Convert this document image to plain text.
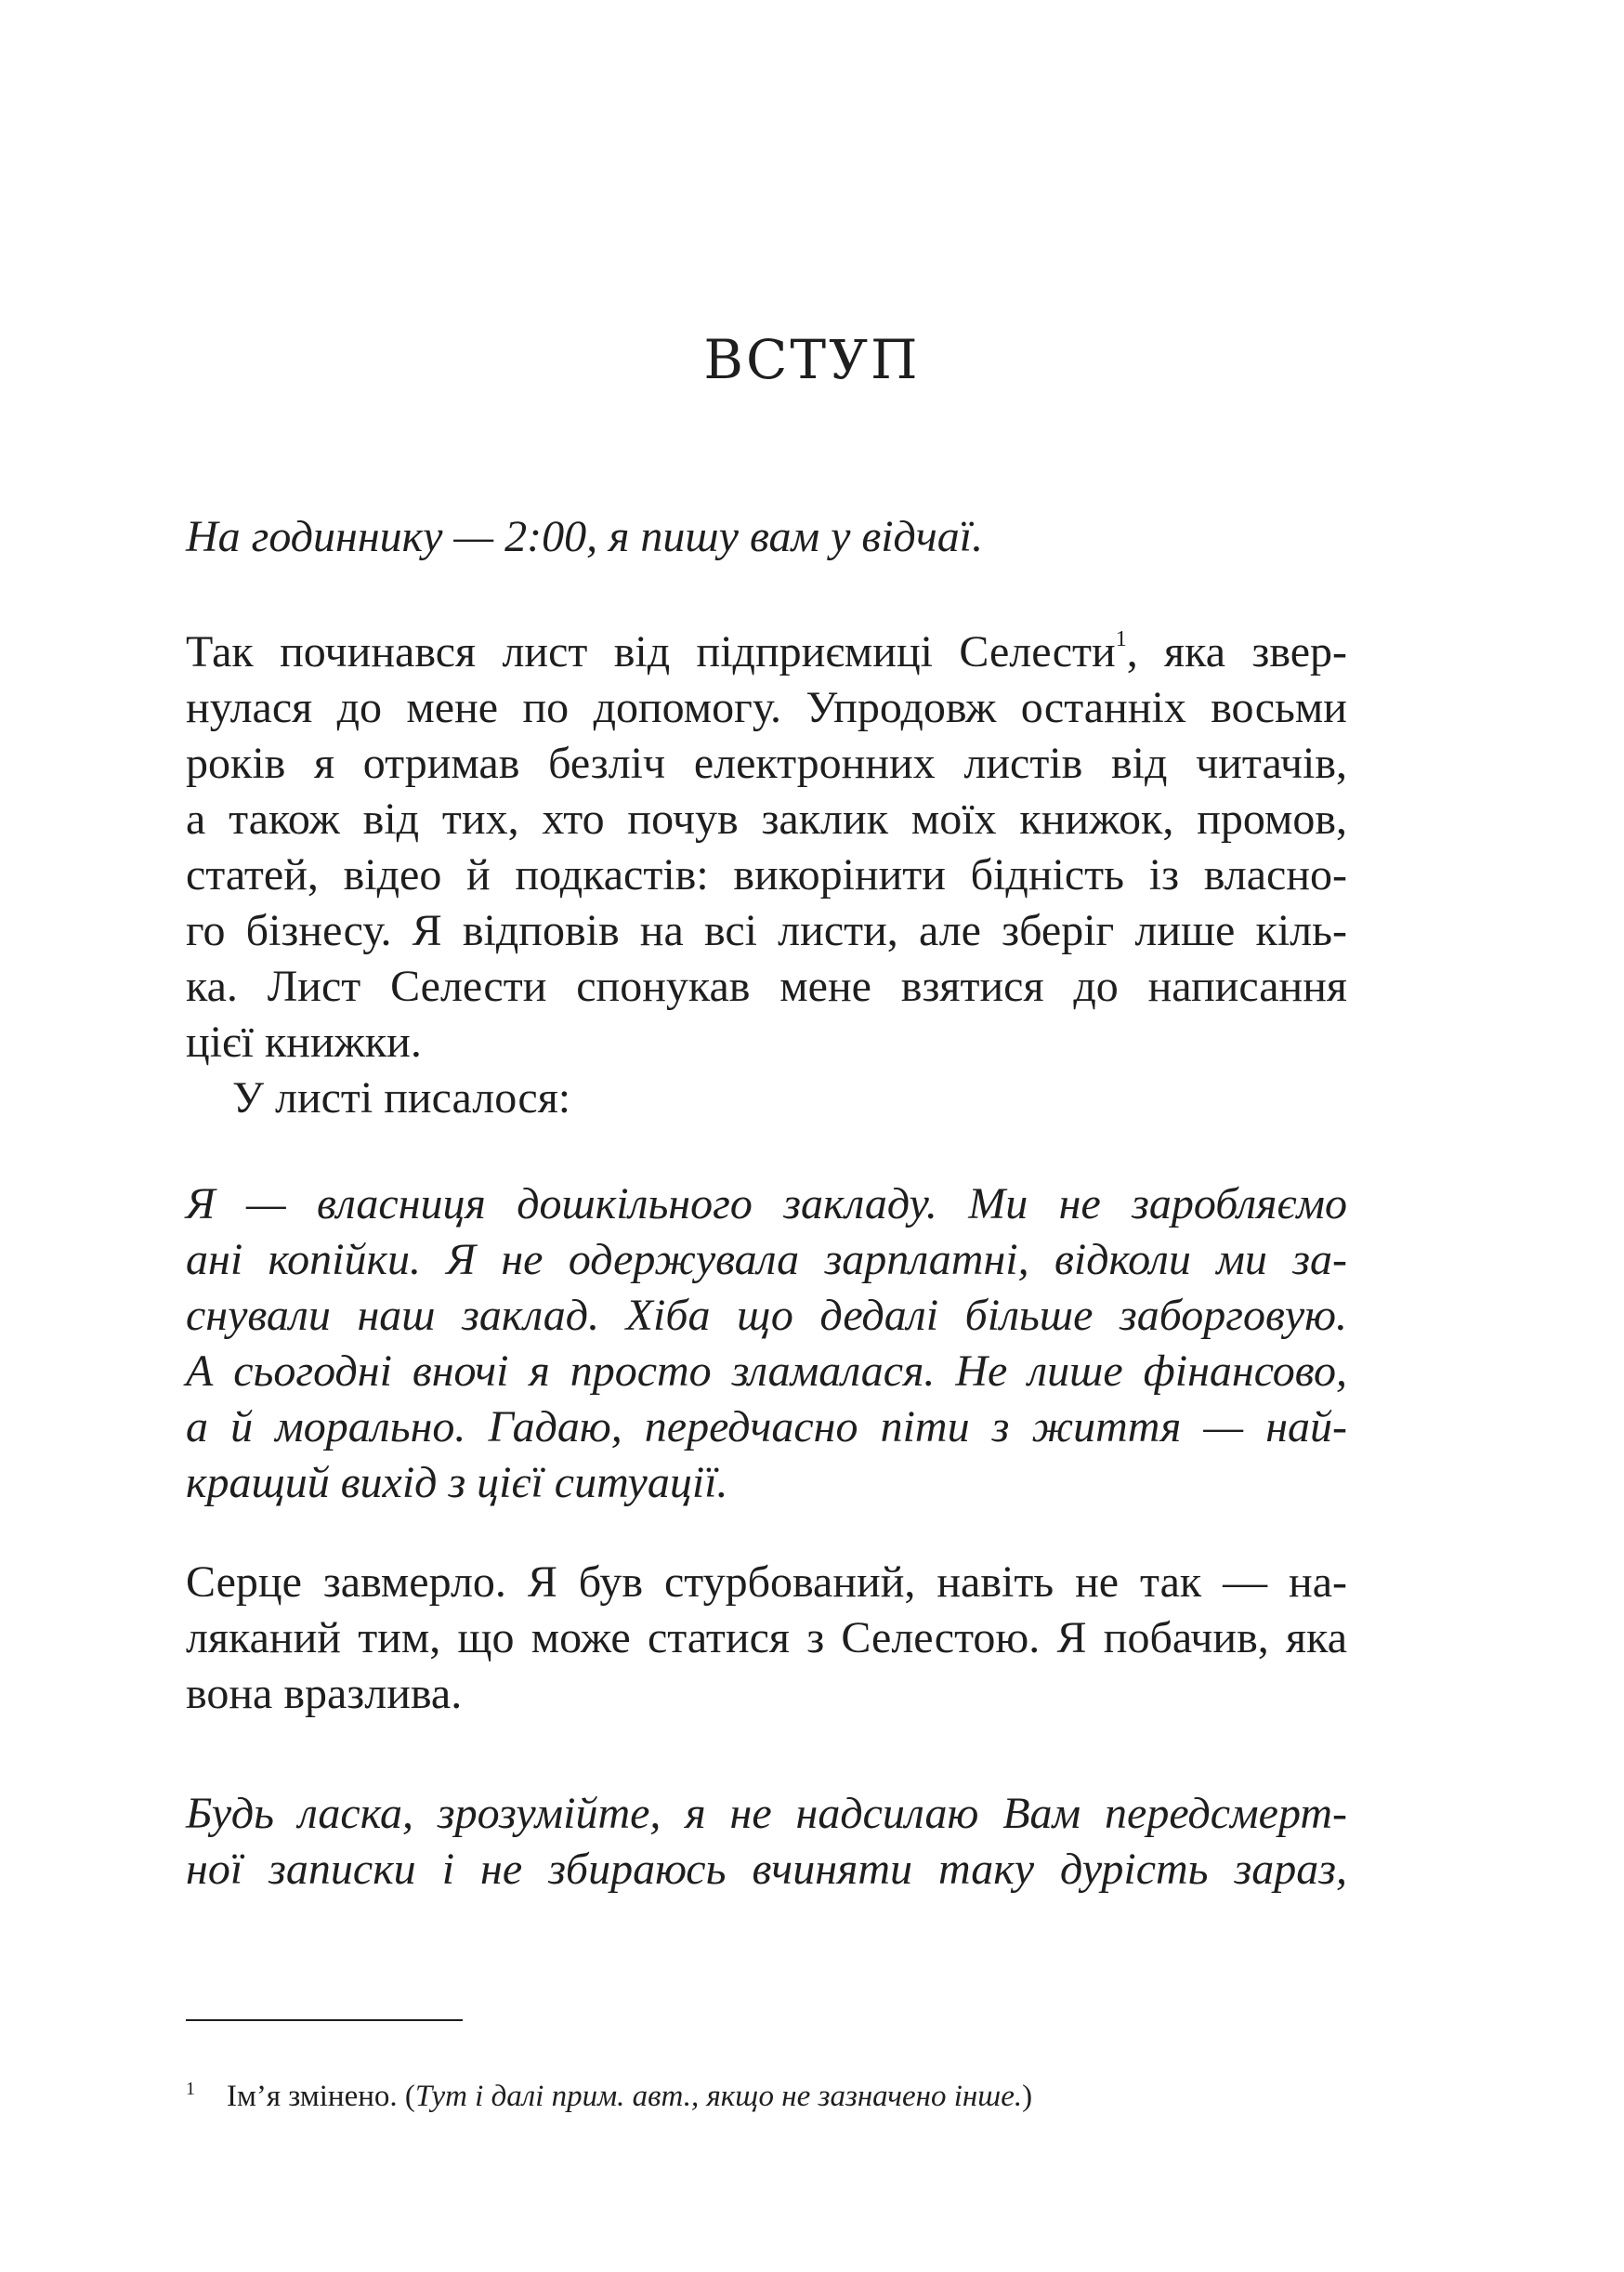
ВСТУП
На годиннику — 2:00, я пишу вам у відчаї.
Так починався лист від підприємиці Селести$^1$, яка звер-
нулася до мене по допомогу. Упродовж останніх восьми
років я отримав безліч електронних листів від читачів,
а також від тих, хто почув заклик моїх книжок, промов,
статей, відео й подкастів: викорінити бідність із власно-
го бізнесу. Я відповів на всі листи, але зберіг лише кіль-
ка. Лист Селести спонукав мене взятися до написання
цієї книжки.
У листі писалося:
Я — власниця дошкільного закладу. Ми не заробляємо
ані копійки. Я не одержувала зарплатні, відколи ми за-
снували наш заклад. Хіба що дедалі більше заборговую.
А сьогодні вночі я просто зламалася. Не лише фінансово,
а й морально. Гадаю, передчасно піти з життя — най-
кращий вихід з цієї ситуації.
Серце завмерло. Я був стурбований, навіть не так — на-
ляканий тим, що може статися з Селестою. Я побачив, яка
вона вразлива.
Будь ласка, зрозумійте, я не надсилаю Вам передсмерт-
ної записки і не збираюсь вчиняти таку дурість зараз,
1 Ім’я змінено. (Тут і далі прим. авт., якщо не зазначено інше.)
